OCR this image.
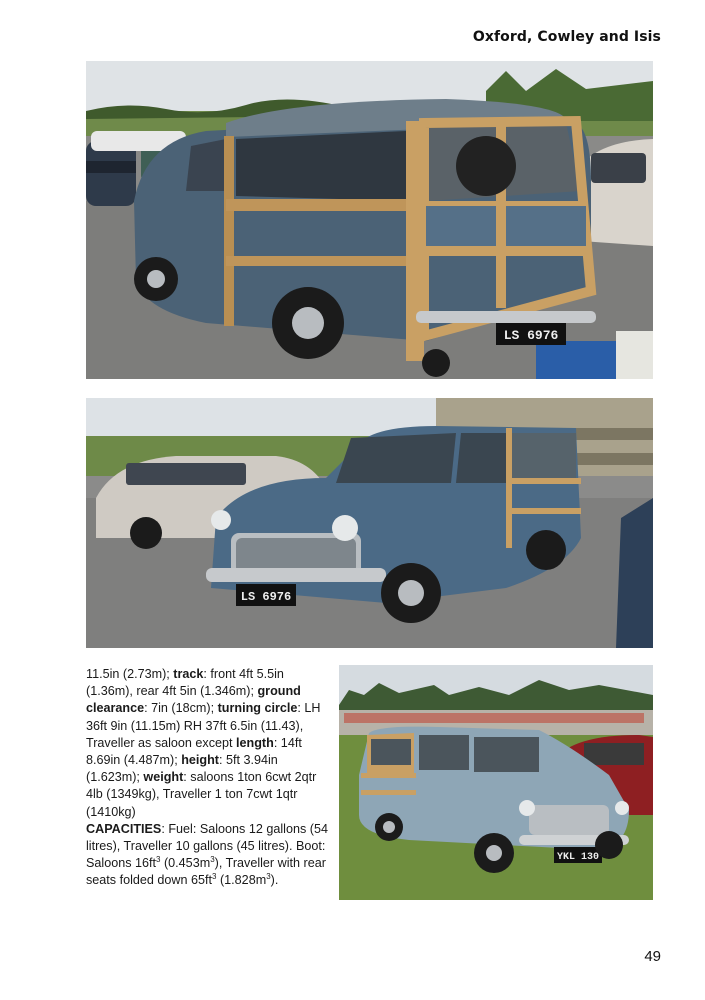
Oxford, Cowley and Isis
LS 6976
LS 6976
11.5in (2.73m); track: front 4ft 5.5in (1.36m), rear 4ft 5in (1.346m); ground clearance: 7in (18cm); turning circle: LH 36ft 9in (11.15m) RH 37ft 6.5in (11.43), Traveller as saloon except length: 14ft 8.69in (4.487m); height: 5ft 3.94in (1.623m); weight: saloons 1ton 6cwt 2qtr 4lb (1349kg), Traveller 1 ton 7cwt 1qtr (1410kg)
CAPACITIES: Fuel: Saloons 12 gallons (54 litres), Traveller 10 gallons (45 litres). Boot: Saloons $16ft^3$ $(0.453m^3)$, Traveller with rear seats folded down $65ft^3$ $(1.828m^3)$.
YKL 130
49
